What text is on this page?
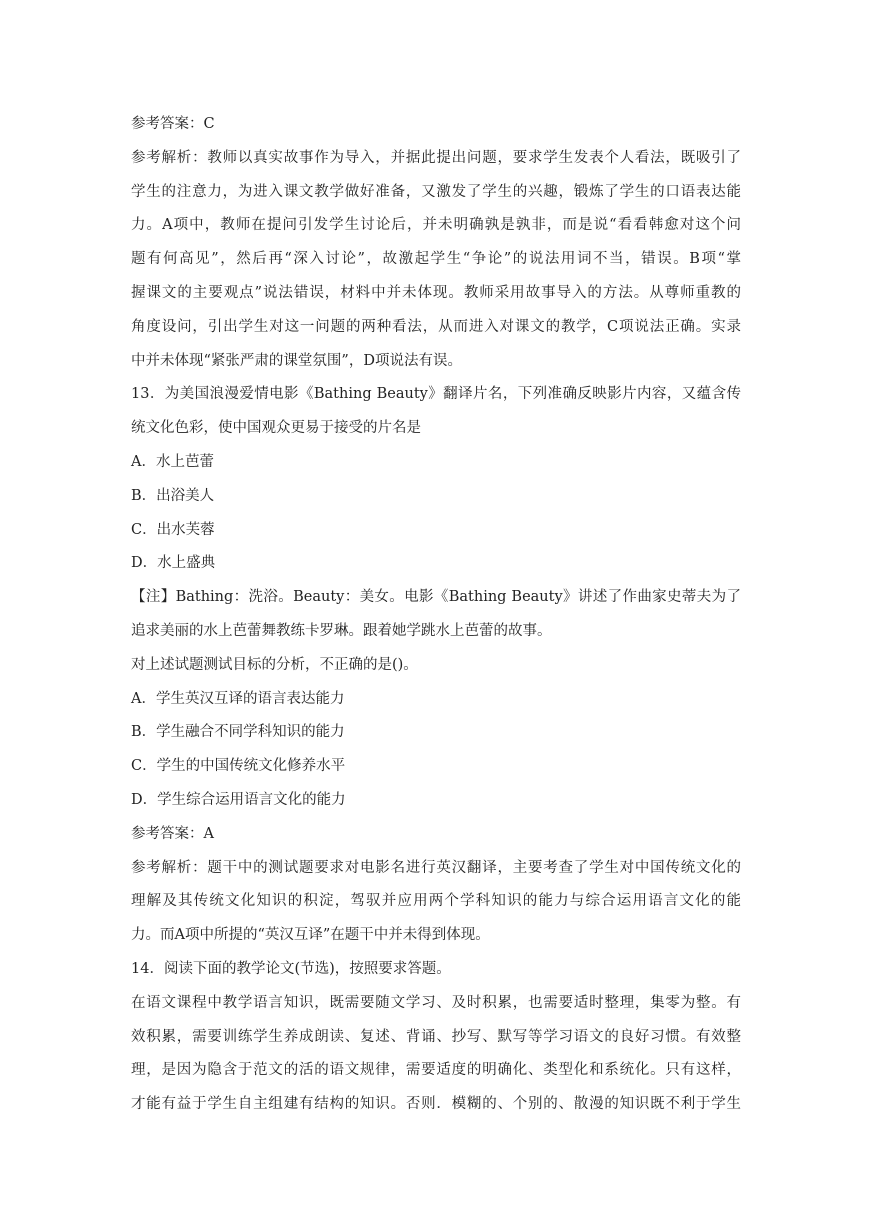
参考答案：C
参考解析：教师以真实故事作为导入，并据此提出问题，要求学生发表个人看法，既吸引了
学生的注意力，为进入课文教学做好准备，又激发了学生的兴趣，锻炼了学生的口语表达能
力。A项中，教师在提问引发学生讨论后，并未明确孰是孰非，而是说“看看韩愈对这个问
题有何高见”，然后再“深入讨论”，故激起学生“争论”的说法用词不当，错误。B项“掌
握课文的主要观点”说法错误，材料中并未体现。教师采用故事导入的方法。从尊师重教的
角度设问，引出学生对这一问题的两种看法，从而进入对课文的教学，C项说法正确。实录
中并未体现“紧张严肃的课堂氛围”，D项说法有误。
13．为美国浪漫爱情电影《Bathing Beauty》翻译片名，下列准确反映影片内容，又蕴含传
统文化色彩，使中国观众更易于接受的片名是
A．水上芭蕾
B．出浴美人
C．出水芙蓉
D．水上盛典
【注】Bathing：洗浴。Beauty：美女。电影《Bathing Beauty》讲述了作曲家史蒂夫为了
追求美丽的水上芭蕾舞教练卡罗琳。跟着她学跳水上芭蕾的故事。
对上述试题测试目标的分析，不正确的是()。
A．学生英汉互译的语言表达能力
B．学生融合不同学科知识的能力
C．学生的中国传统文化修养水平
D．学生综合运用语言文化的能力
参考答案：A
参考解析：题干中的测试题要求对电影名进行英汉翻译，主要考查了学生对中国传统文化的
理解及其传统文化知识的积淀，驾驭并应用两个学科知识的能力与综合运用语言文化的能
力。而A项中所提的“英汉互译”在题干中并未得到体现。
14．阅读下面的教学论文(节选)，按照要求答题。
在语文课程中教学语言知识，既需要随文学习、及时积累，也需要适时整理，集零为整。有
效积累，需要训练学生养成朗读、复述、背诵、抄写、默写等学习语文的良好习惯。有效整
理，是因为隐含于范文的活的语文规律，需要适度的明确化、类型化和系统化。只有这样，
才能有益于学生自主组建有结构的知识。否则．模糊的、个别的、散漫的知识既不利于学生
